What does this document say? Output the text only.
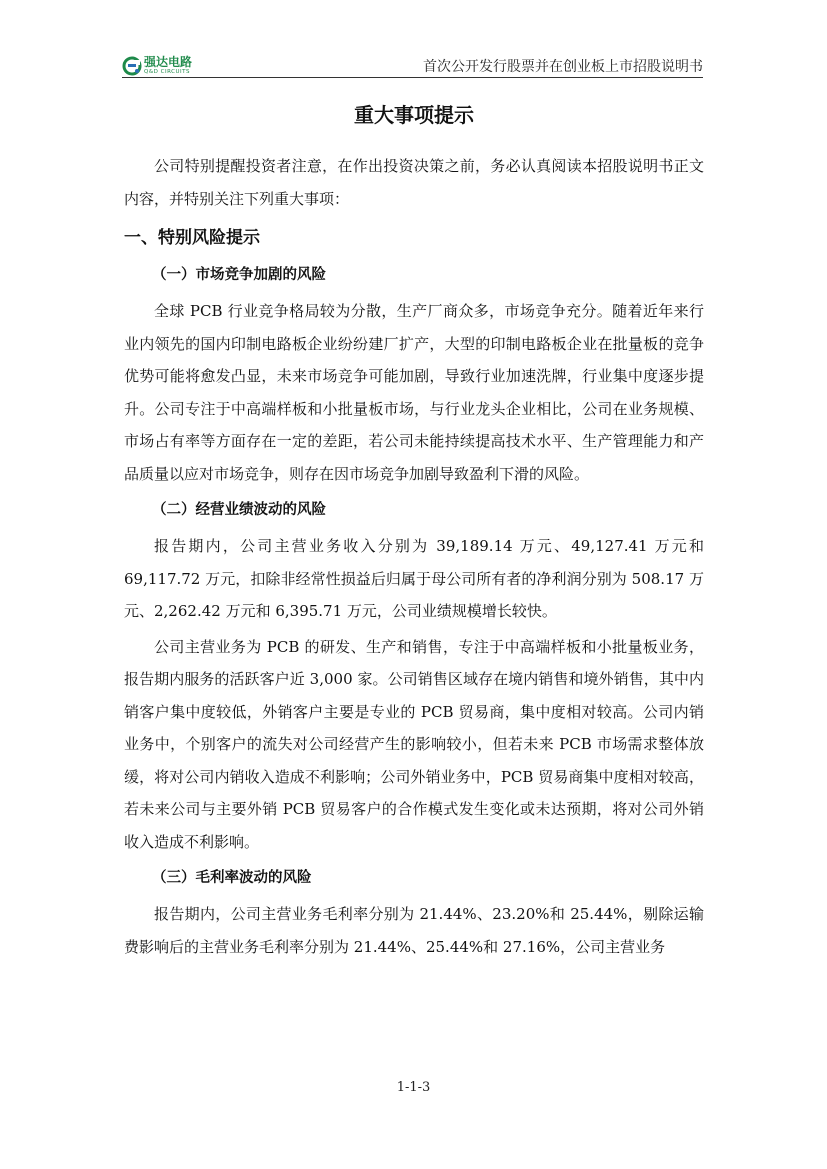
强达电路
Q&D CIRCUITS	首次公开发行股票并在创业板上市招股说明书
重大事项提示

公司特别提醒投资者注意，在作出投资决策之前，务必认真阅读本招股说明书正文内容，并特别关注下列重大事项：

一、特别风险提示
（一）市场竞争加剧的风险

全球 PCB 行业竞争格局较为分散，生产厂商众多，市场竞争充分。随着近年来行业内领先的国内印制电路板企业纷纷建厂扩产，大型的印制电路板企业在批量板的竞争优势可能将愈发凸显，未来市场竞争可能加剧，导致行业加速洗牌，行业集中度逐步提升。公司专注于中高端样板和小批量板市场，与行业龙头企业相比，公司在业务规模、市场占有率等方面存在一定的差距，若公司未能持续提高技术水平、生产管理能力和产品质量以应对市场竞争，则存在因市场竞争加剧导致盈利下滑的风险。

（二）经营业绩波动的风险

报告期内，公司主营业务收入分别为 39,189.14 万元、49,127.41 万元和 69,117.72 万元，扣除非经常性损益后归属于母公司所有者的净利润分别为 508.17 万元、2,262.42 万元和 6,395.71 万元，公司业绩规模增长较快。

公司主营业务为 PCB 的研发、生产和销售，专注于中高端样板和小批量板业务，报告期内服务的活跃客户近 3,000 家。公司销售区域存在境内销售和境外销售，其中内销客户集中度较低，外销客户主要是专业的 PCB 贸易商，集中度相对较高。公司内销业务中，个别客户的流失对公司经营产生的影响较小，但若未来 PCB 市场需求整体放缓，将对公司内销收入造成不利影响；公司外销业务中，PCB 贸易商集中度相对较高，若未来公司与主要外销 PCB 贸易客户的合作模式发生变化或未达预期，将对公司外销收入造成不利影响。

（三）毛利率波动的风险

报告期内，公司主营业务毛利率分别为 21.44%、23.20%和 25.44%，剔除运输费影响后的主营业务毛利率分别为 21.44%、25.44%和 27.16%，公司主营业务

1-1-3
